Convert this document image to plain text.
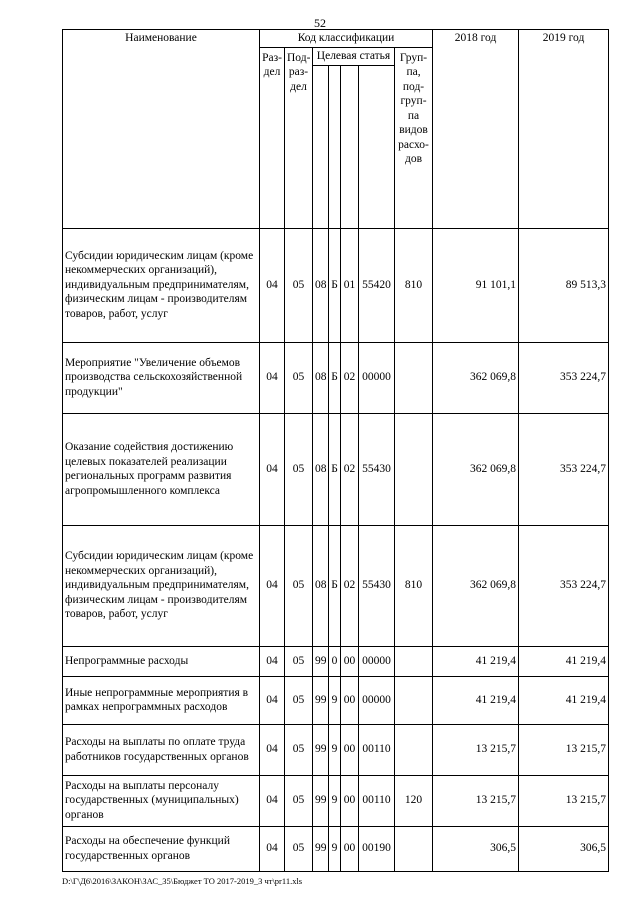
52
Наименование	Код классификации							2018 год	2019 год
	Раз-дел	Под-раз-дел	Целевая статья				Груп-па, под-груп-па видов расхо-дов		

Субсидии юридическим лицам (кроме некоммерческих организаций), индивидуальным предпринимателям, физическим лицам - производителям товаров, работ, услуг	04	05	08	Б	01	55420	810	91 101,1	89 513,3
Мероприятие "Увеличение объемов производства сельскохозяйственной продукции"	04	05	08	Б	02	00000		362 069,8	353 224,7
Оказание содействия достижению целевых показателей реализации региональных программ развития агропромышленного комплекса	04	05	08	Б	02	55430		362 069,8	353 224,7
Субсидии юридическим лицам (кроме некоммерческих организаций), индивидуальным предпринимателям, физическим лицам - производителям товаров, работ, услуг	04	05	08	Б	02	55430	810	362 069,8	353 224,7
Непрограммные расходы	04	05	99	0	00	00000		41 219,4	41 219,4
Иные непрограммные мероприятия в рамках непрограммных расходов	04	05	99	9	00	00000		41 219,4	41 219,4
Расходы на выплаты по оплате труда работников государственных органов	04	05	99	9	00	00110		13 215,7	13 215,7
Расходы на выплаты персоналу государственных (муниципальных) органов	04	05	99	9	00	00110	120	13 215,7	13 215,7
Расходы на обеспечение функций государственных органов	04	05	99	9	00	00190		306,5	306,5
D:\Г\Д6\2016\ЗАКОН\ЗАС_35\Бюджет ТО 2017-2019_3 чт\pr11.xls
